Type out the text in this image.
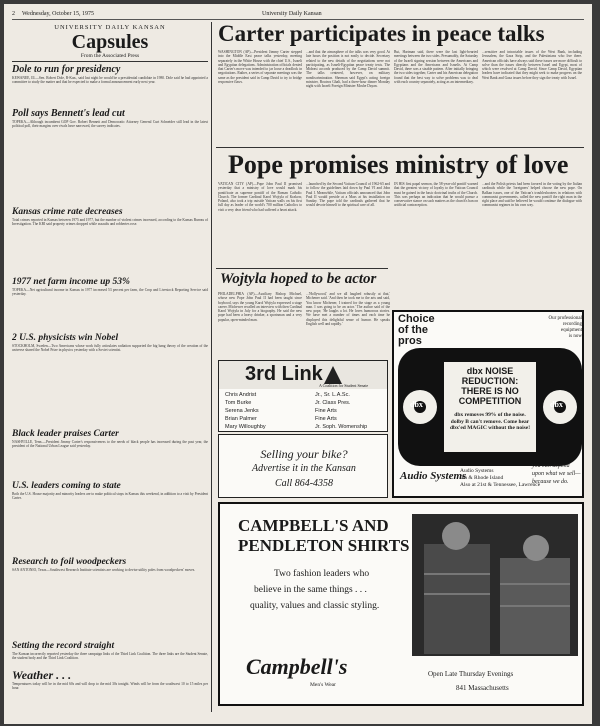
2 Wednesday, October 15, 1975	University Daily Kansan
UNIVERSITY DAILY KANSAN
Capsules
From the Associated Press
Dole to run for presidency

KEWANEE, Ill.—Sen. Robert Dole, R-Kan., said last night he would be a presidential candidate in 1980. Dole said he had appointed a committee to study the matter and that he expected to make a formal announcement early next year.

Poll says Bennett's lead cut

TOPEKA—Although incumbent GOP Gov. Robert Bennett and Democratic Attorney General Curt Schneider still lead in the latest political poll, their margins over rivals have narrowed, the survey indicates.

Kansas crime rate decreases

Total crimes reported in Kansas between 1975 and 1977, but the number of violent crimes increased, according to the Kansas Bureau of Investigation. The KBI said property crimes dropped while assaults and robberies rose.

1977 net farm income up 53%

TOPEKA—Net agricultural income in Kansas in 1977 increased 53 percent per farm, the Crop and Livestock Reporting Service said yesterday.

2 U.S. physicists win Nobel

STOCKHOLM, Sweden—Two Americans whose work fully articulates radiation supported the big bang theory of the creation of the universe shared the Nobel Prize in physics yesterday with a Soviet scientist.

Black leader praises Carter

NASHVILLE, Tenn.—President Jimmy Carter's responsiveness to the needs of black people has increased during the past year, the president of the National Urban League said yesterday.

U.S. leaders coming to state

Both the U.S. House majority and minority leaders are to make political stops in Kansas this weekend, in addition to a visit by President Carter.

Research to foil woodpeckers

SAN ANTONIO, Texas—Southwest Research Institute scientists are working to devise utility poles from woodpeckers' moves.

Setting the record straight

The Kansan incorrectly reported yesterday the three campaign links of the Third Link Coalition. The three links are the Student Senate, the student body and the Third Link Coalition.

Weather . . .

Temperatures today will be in the mid 60s and will drop to the mid 30s tonight. Winds will be from the southwest 10 to 15 miles per hour.

Carter participates in peace talks
WASHINGTON (AP)—President Jimmy Carter stepped into the Middle East peace talks yesterday, meeting separately in the White House with the chief U.S., Israeli and Egyptian delegations. Administration officials denied that Carter's move was intended to jar loose a deadlock in negotiations. Rather, a series of separate meetings was the same as the president said in Camp David to try to bridge responsive flaws.
...and that the atmosphere of the talks was very good. At late hours the position is not easily to decide. Secretary related to the new details of the negotiations were not participating, as Israeli-Egyptian peace treaty texts. The Mideast accords produced by the Camp David summit. The talks centered, however, on military nondiscrimination. Sherman said Egypt's acting foreign minister, Boutros Ghali, had a three-hour dinner Monday night with Israeli Foreign Minister Moshe Dayan.
But, Hartman said, there were the last light-hearted meetings between the two sides. Presumably, the Saturday of the Israeli signing session between the Americans and Egyptians and the Americans and Israelis. At Camp David, there was a sizable pattern. After initially bringing the two sides together, Carter and his American delegation found that the best way to solve problems was to deal with each country separately, acting as an intermediary.
...sensitive and intractable issues of the West Bank, including Jerusalem, the Gaza Strip, and the Palestinians who live there. American officials have always said these issues are more difficult to solve than the issues directly between Israel and Egypt, most of which were resolved at Camp David. Since Camp David, Egyptian leaders have indicated that they might seek to make progress on the West Bank and Gaza issues before they sign the treaty with Israel.
Pope promises ministry of love
VATICAN CITY (AP)—Pope John Paul II promised yesterday that a ministry of love would mark his pontificate as supreme pontiff of the Roman Catholic Church. The former Cardinal Karol Wojtyla of Krakow, Poland, also took a trip outside Vatican walls on his first full day as leader of the world's 700 million Catholics to visit a very dear friend who had suffered a heart attack.
...launched by the Second Vatican Council of 1962-65 and to follow the guidelines laid down by Paul VI and John Paul I. Meanwhile, Vatican officials announced that John Paul II would preside at a Mass at his installation on Sunday. The pope told the cardinals gathered that he would devote himself to the spiritual care of all.
IN HIS first papal sermon, the 58-year-old pontiff warned that the greatest victory of loyalty to the Vatican Council must be gained in the basic doctrinal truths of the Church. This was perhaps an indication that he would pursue a conservative stance on such matters as the church's ban on artificial contraception.
...and the Polish priests had been favored in the voting by the Italian cardinals while the 'foreigners' helped choose the new pope. On Balkan issues, one of the Vatican's troubleshooters in relations with communist governments, called the new pontiff the right man in the right place and said he believed he would continue the dialogue with communist regimes in his own way.
Wojtyla hoped to be actor
PHILADELPHIA (AP)—Auxiliary Bishop Michael, whose new Pope John Paul II had been taught since boyhood, says the young Karol Wojtyla expressed a stage career. Michewer recalled an interview with then Cardinal Karol Wojtyla in July for a biography. He said the new pope had been a heavy drinker, a sportsman and a very popular, open-minded man.
...'Hollywood,' and we all laughed robustly at that,' Michener said. 'And then he took me to the arts and said, You know Michener, I trained for the stage as a young man. I was going to be an actor.' The author said of the new pope, 'He laughs a lot. He loves humorous stories. We have met a number of times and each time he displayed this delightful sense of humor. He speaks English well and rapidly.'
3rd Link
A Coalition for Student Senate
Chris Andrist
Tom Burke
Serena Jenks
Brian Palmer
Mary Willoughby
Jr., Sr. L.A.Sc.
Jr. Class Pres.
Fine Arts
Fine Arts
Jr. Soph. Womenship
Selling your bike?
Advertise it in the Kansan
Call 864-4358
Choice
of the
pros
Our professional
recording
equipment
is now
dbx NOISE REDUCTION: THERE IS NO COMPETITION
dbx	dbx
dbx removes 99% of the noise. dolby B can't remove. Come hear dbx'ed MAGIC without the noise!
Audio Systems
Audio Systems
9th & Rhode Island
Also at 21st & Tennessee, Lawrence
you can depend upon what we sell— because we do.
CAMPBELL'S AND
PENDLETON SHIRTS
Two fashion leaders who
believe in the same things . . .
quality, values and classic styling.
Campbell's
Men's Wear
Open Late Thursday Evenings
841 Massachusetts
